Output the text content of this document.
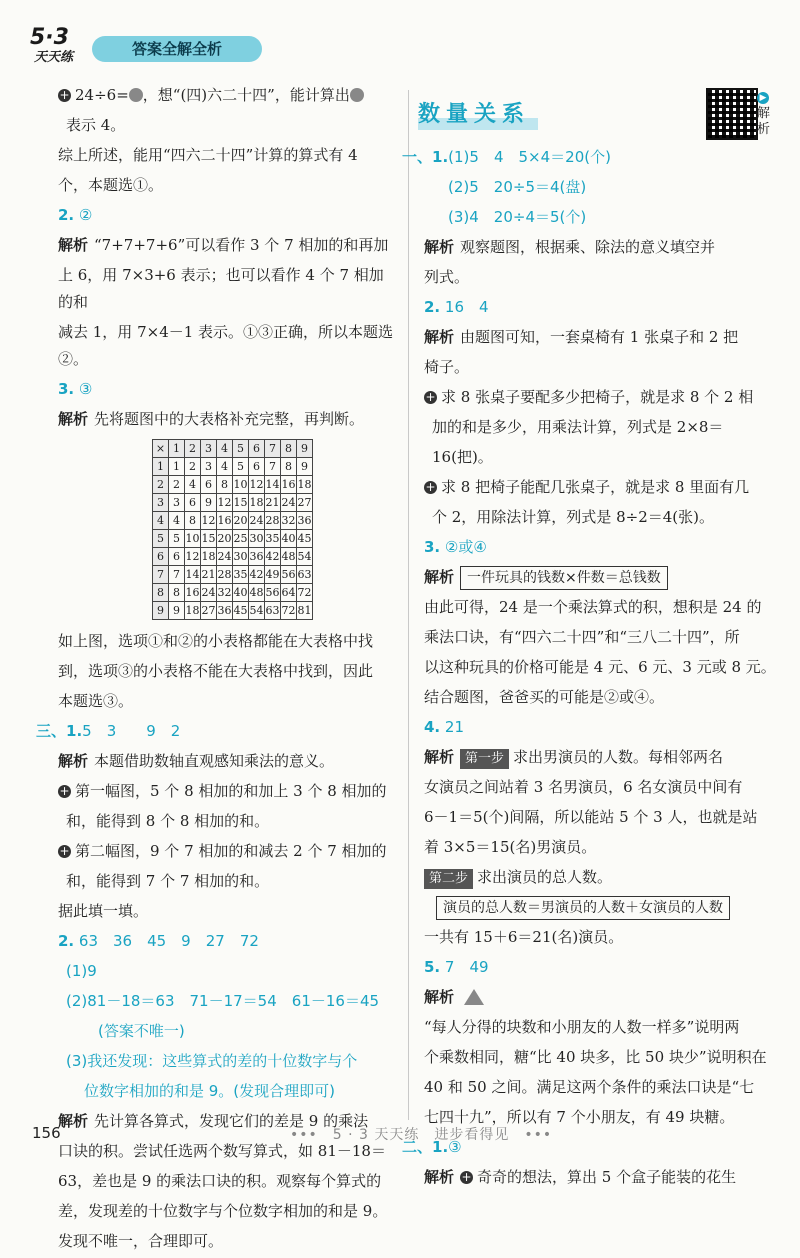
5·3
天天练	答案全解全析

+ 24÷6= ，想“(四)六二十四”，能计算出

表示 4。

综上所述，能用“四六二十四”计算的算式有 4

个，本题选①。

2. ②

解析 “7+7+7+6”可以看作 3 个 7 相加的和再加

上 6，用 7×3+6 表示；也可以看作 4 个 7 相加的和

减去 1，用 7×4－1 表示。①③正确，所以本题选②。

3. ③

解析 先将题图中的大表格补充完整，再判断。

×	1	2	3	4	5	6	7	8	9
1	1	2	3	4	5	6	7	8	9
2	2	4	6	8	10	12	14	16	18
3	3	6	9	12	15	18	21	24	27
4	4	8	12	16	20	24	28	32	36
5	5	10	15	20	25	30	35	40	45
6	6	12	18	24	30	36	42	48	54
7	7	14	21	28	35	42	49	56	63
8	8	16	24	32	40	48	56	64	72
9	9	18	27	36	45	54	63	72	81

如上图，选项①和②的小表格都能在大表格中找

到，选项③的小表格不能在大表格中找到，因此

本题选③。

三、1.5　3　　9　2

解析 本题借助数轴直观感知乘法的意义。

+ 第一幅图，5 个 8 相加的和加上 3 个 8 相加的

和，能得到 8 个 8 相加的和。

+ 第二幅图，9 个 7 相加的和减去 2 个 7 相加的

和，能得到 7 个 7 相加的和。

据此填一填。

2. 63　36　45　9　27　72

(1)9

(2)81－18＝63　71－17＝54　61－16＝45

(答案不唯一)

(3)我还发现：这些算式的差的十位数字与个

位数字相加的和是 9。(发现合理即可)

解析 先计算各算式，发现它们的差是 9 的乘法

口诀的积。尝试任选两个数写算式，如 81－18＝

63，差也是 9 的乘法口诀的积。观察每个算式的

差，发现差的十位数字与个位数字相加的和是 9。

发现不唯一，合理即可。

数量关系
▶
解析

一、1.(1)5　4　5×4＝20(个)

(2)5　20÷5＝4(盘)

(3)4　20÷4＝5(个)

解析 观察题图，根据乘、除法的意义填空并

列式。

2. 16　4

解析 由题图可知，一套桌椅有 1 张桌子和 2 把

椅子。

+ 求 8 张桌子要配多少把椅子，就是求 8 个 2 相

加的和是多少，用乘法计算，列式是 2×8＝

16(把)。

+ 求 8 把椅子能配几张桌子，就是求 8 里面有几

个 2，用除法计算，列式是 8÷2＝4(张)。

3. ②或④

解析 一件玩具的钱数×件数＝总钱数

由此可得，24 是一个乘法算式的积，想积是 24 的

乘法口诀，有“四六二十四”和“三八二十四”，所

以这种玩具的价格可能是 4 元、6 元、3 元或 8 元。

结合题图，爸爸买的可能是②或④。

4. 21

解析 第一步 求出男演员的人数。每相邻两名

女演员之间站着 3 名男演员，6 名女演员中间有

6－1＝5(个)间隔，所以能站 5 个 3 人，也就是站

着 3×5＝15(名)男演员。

第二步 求出演员的总人数。

演员的总人数＝男演员的人数＋女演员的人数

一共有 15＋6＝21(名)演员。

5. 7　49

解析

“每人分得的块数和小朋友的人数一样多”说明两

个乘数相同，糖“比 40 块多，比 50 块少”说明积在

40 和 50 之间。满足这两个条件的乘法口诀是“七

七四十九”，所以有 7 个小朋友，有 49 块糖。

二、1.③

解析 + 奇奇的想法，算出 5 个盒子能装的花生

156	•••　5 · 3 天天练　进步看得见　•••
